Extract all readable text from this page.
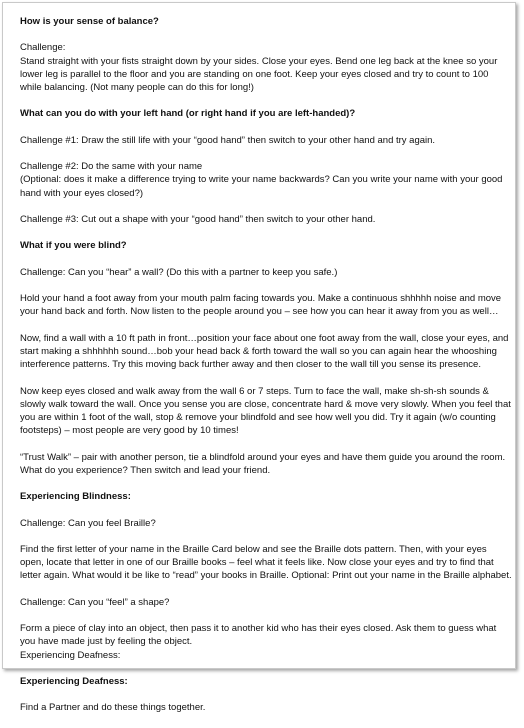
How is your sense of balance?

Challenge:
Stand straight with your fists straight down by your sides. Close your eyes. Bend one leg back at the knee so your lower leg is parallel to the floor and you are standing on one foot. Keep your eyes closed and try to count to 100 while balancing. (Not many people can do this for long!)

What can you do with your left hand (or right hand if you are left-handed)?

Challenge #1: Draw the still life with your “good hand” then switch to your other hand and try again.

Challenge #2: Do the same with your name
(Optional: does it make a difference trying to write your name backwards? Can you write your name with your good hand with your eyes closed?)

Challenge #3: Cut out a shape with your “good hand” then switch to your other hand.

What if you were blind?

Challenge: Can you “hear” a wall? (Do this with a partner to keep you safe.)

Hold your hand a foot away from your mouth palm facing towards you. Make a continuous shhhhh noise and move your hand back and forth. Now listen to the people around you – see how you can hear it away from you as well…

Now, find a wall with a 10 ft path in front…position your face about one foot away from the wall, close your eyes, and start making a shhhhhh sound…bob your head back & forth toward the wall so you can again hear the whooshing interference patterns. Try this moving back further away and then closer to the wall till you sense its presence.

Now keep eyes closed and walk away from the wall 6 or 7 steps. Turn to face the wall, make sh-sh-sh sounds & slowly walk toward the wall. Once you sense you are close, concentrate hard & move very slowly. When you feel that you are within 1 foot of the wall, stop & remove your blindfold and see how well you did. Try it again (w/o counting footsteps) – most people are very good by 10 times!

“Trust Walk” – pair with another person, tie a blindfold around your eyes and have them guide you around the room. What do you experience? Then switch and lead your friend.

Experiencing Blindness:

Challenge: Can you feel Braille?

Find the first letter of your name in the Braille Card below and see the Braille dots pattern. Then, with your eyes open, locate that letter in one of our Braille books – feel what it feels like. Now close your eyes and try to find that letter again. What would it be like to “read” your books in Braille. Optional: Print out your name in the Braille alphabet.

Challenge: Can you “feel” a shape?

Form a piece of clay into an object, then pass it to another kid who has their eyes closed. Ask them to guess what you have made just by feeling the object.
Experiencing Deafness:

Experiencing Deafness:

Find a Partner and do these things together.
